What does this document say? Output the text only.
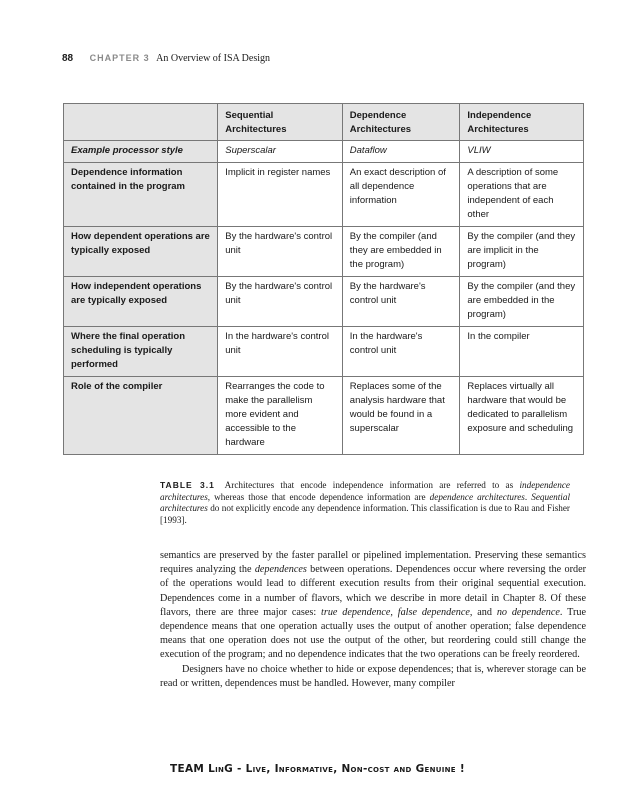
88 CHAPTER 3 An Overview of ISA Design
	Sequential Architectures	Dependence Architectures	Independence Architectures
Example processor style	Superscalar	Dataflow	VLIW
Dependence information contained in the program	Implicit in register names	An exact description of all dependence information	A description of some operations that are independent of each other
How dependent operations are typically exposed	By the hardware's control unit	By the compiler (and they are embedded in the program)	By the compiler (and they are implicit in the program)
How independent operations are typically exposed	By the hardware's control unit	By the hardware's control unit	By the compiler (and they are embedded in the program)
Where the final operation scheduling is typically performed	In the hardware's control unit	In the hardware's control unit	In the compiler
Role of the compiler	Rearranges the code to make the parallelism more evident and accessible to the hardware	Replaces some of the analysis hardware that would be found in a superscalar	Replaces virtually all hardware that would be dedicated to parallelism exposure and scheduling
TABLE 3.1 Architectures that encode independence information are referred to as independence architectures, whereas those that encode dependence information are dependence architectures. Sequential architectures do not explicitly encode any dependence information. This classification is due to Rau and Fisher [1993].

semantics are preserved by the faster parallel or pipelined implementation. Preserving these semantics requires analyzing the dependences between operations. Dependences occur where reversing the order of the operations would lead to different execution results from their original sequential execution. Dependences come in a number of flavors, which we describe in more detail in Chapter 8. Of these flavors, there are three major cases: true dependence, false dependence, and no dependence. True dependence means that one operation actually uses the output of another operation; false dependence means that one operation does not use the output of the other, but reordering could still change the execution of the program; and no dependence indicates that the two operations can be freely reordered.

Designers have no choice whether to hide or expose dependences; that is, wherever storage can be read or written, dependences must be handled. However, many compiler

TEAM LinG - Live, Informative, Non-cost and Genuine !
